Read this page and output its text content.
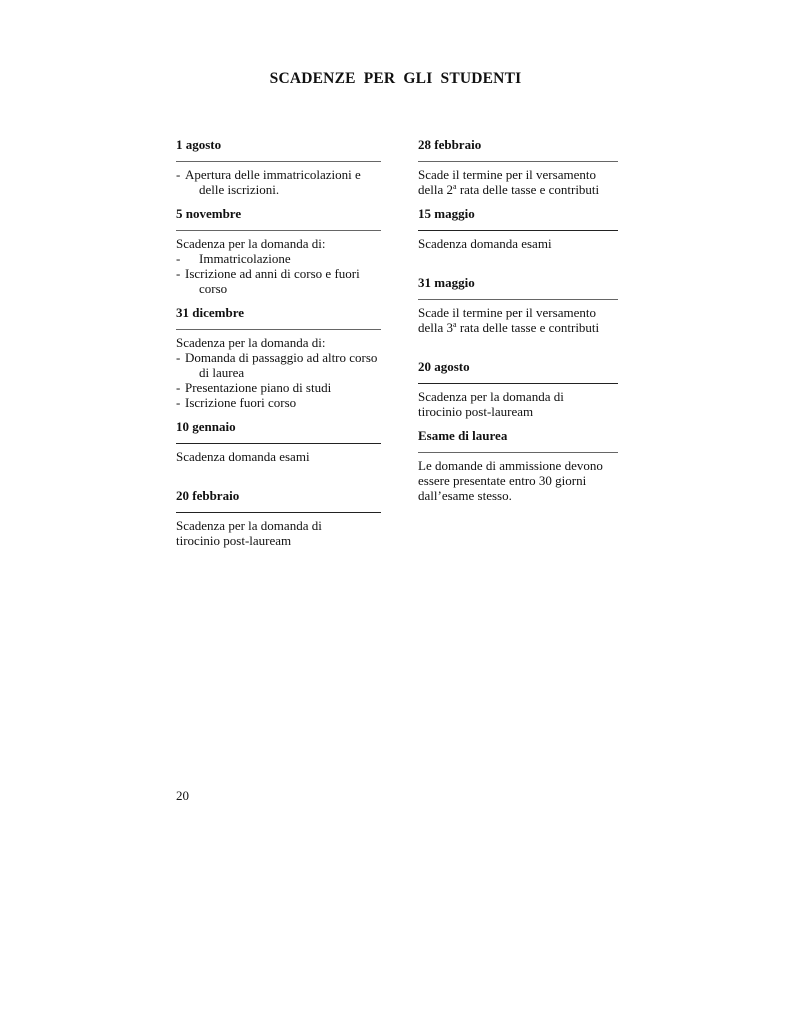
SCADENZE PER GLI STUDENTI
1 agosto
- Apertura delle immatricolazioni e
delle iscrizioni.
5 novembre
Scadenza per la domanda di:
-	Immatricolazione
- Iscrizione ad anni di corso e fuori
corso
31 dicembre
Scadenza per la domanda di:
- Domanda di passaggio ad altro corso
di laurea
- Presentazione piano di studi
- Iscrizione fuori corso
10 gennaio
Scadenza domanda esami
20 febbraio
Scadenza per la domanda di
tirocinio post-lauream
28 febbraio
Scade il termine per il versamento
della 2$^a$ rata delle tasse e contributi
15 maggio
Scadenza domanda esami
31 maggio
Scade il termine per il versamento
della 3$^a$ rata delle tasse e contributi
20 agosto
Scadenza per la domanda di
tirocinio post-lauream
Esame di laurea
Le domande di ammissione devono
essere presentate entro 30 giorni
dall’esame stesso.
20
